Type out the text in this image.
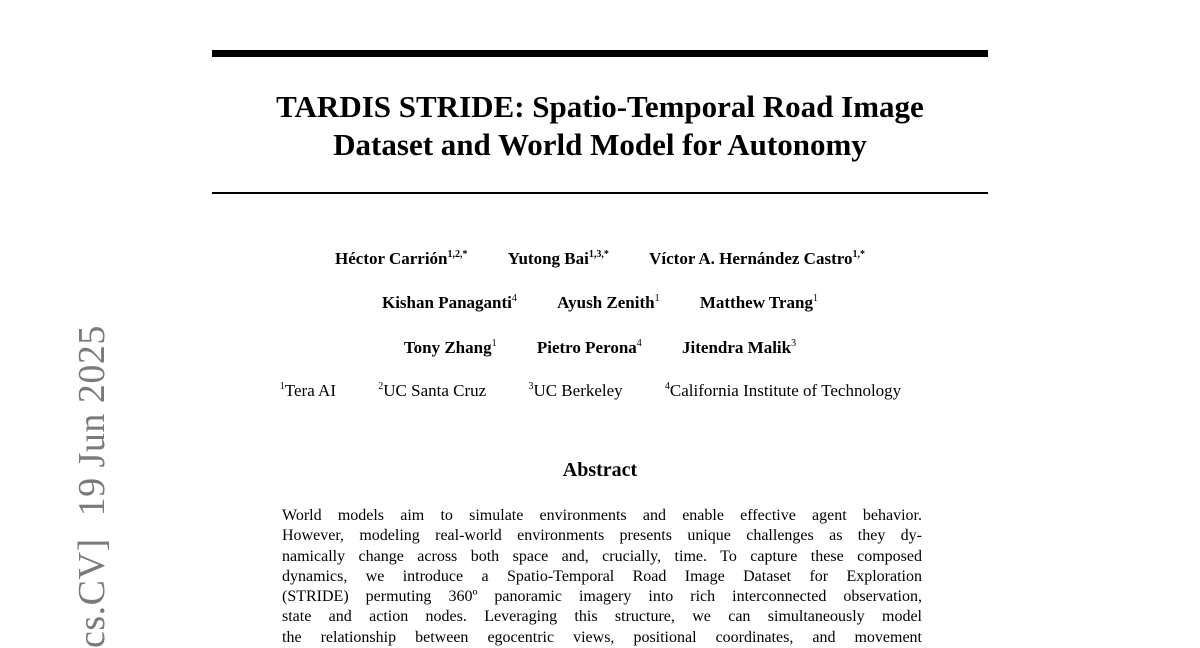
cs.CV]19 Jun 2025
TARDIS STRIDE: Spatio-Temporal Road Image
Dataset and World Model for Autonomy
Héctor Carrión$^{1,2,*}$ Yutong Bai$^{1,3,*}$ Víctor A. Hernández Castro$^{1,*}$
Kishan Panaganti$^4$ Ayush Zenith$^1$ Matthew Trang$^1$
Tony Zhang$^1$ Pietro Perona$^4$ Jitendra Malik$^3$
$^1$Tera AI	$^2$UC Santa Cruz	$^3$UC Berkeley	$^4$California Institute of Technology
Abstract
World models aim to simulate environments and enable effective agent behavior.
However, modeling real-world environments presents unique challenges as they dy-
namically change across both space and, crucially, time. To capture these composed
dynamics, we introduce a Spatio-Temporal Road Image Dataset for Exploration
(STRIDE) permuting 360º panoramic imagery into rich interconnected observation,
state and action nodes. Leveraging this structure, we can simultaneously model
the relationship between egocentric views, positional coordinates, and movement
